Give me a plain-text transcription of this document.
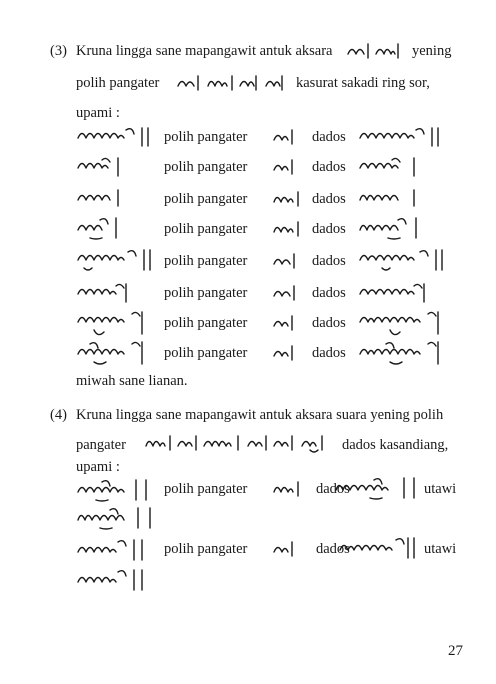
(3) Kruna lingga sane mapangawit antuk aksara	yening
polih pangater	kasurat sakadi ring sor,
upami :
polih pangater	dados
polih pangater	dados
polih pangater	dados
polih pangater	dados
polih pangater	dados
polih pangater	dados
polih pangater	dados
polih pangater	dados
miwah sane lianan.
(4) Kruna lingga sane mapangawit antuk aksara suara yening polih
pangater	dados kasandiang,
upami :
polih pangater	dados	utawi
polih pangater	dados	utawi
27
